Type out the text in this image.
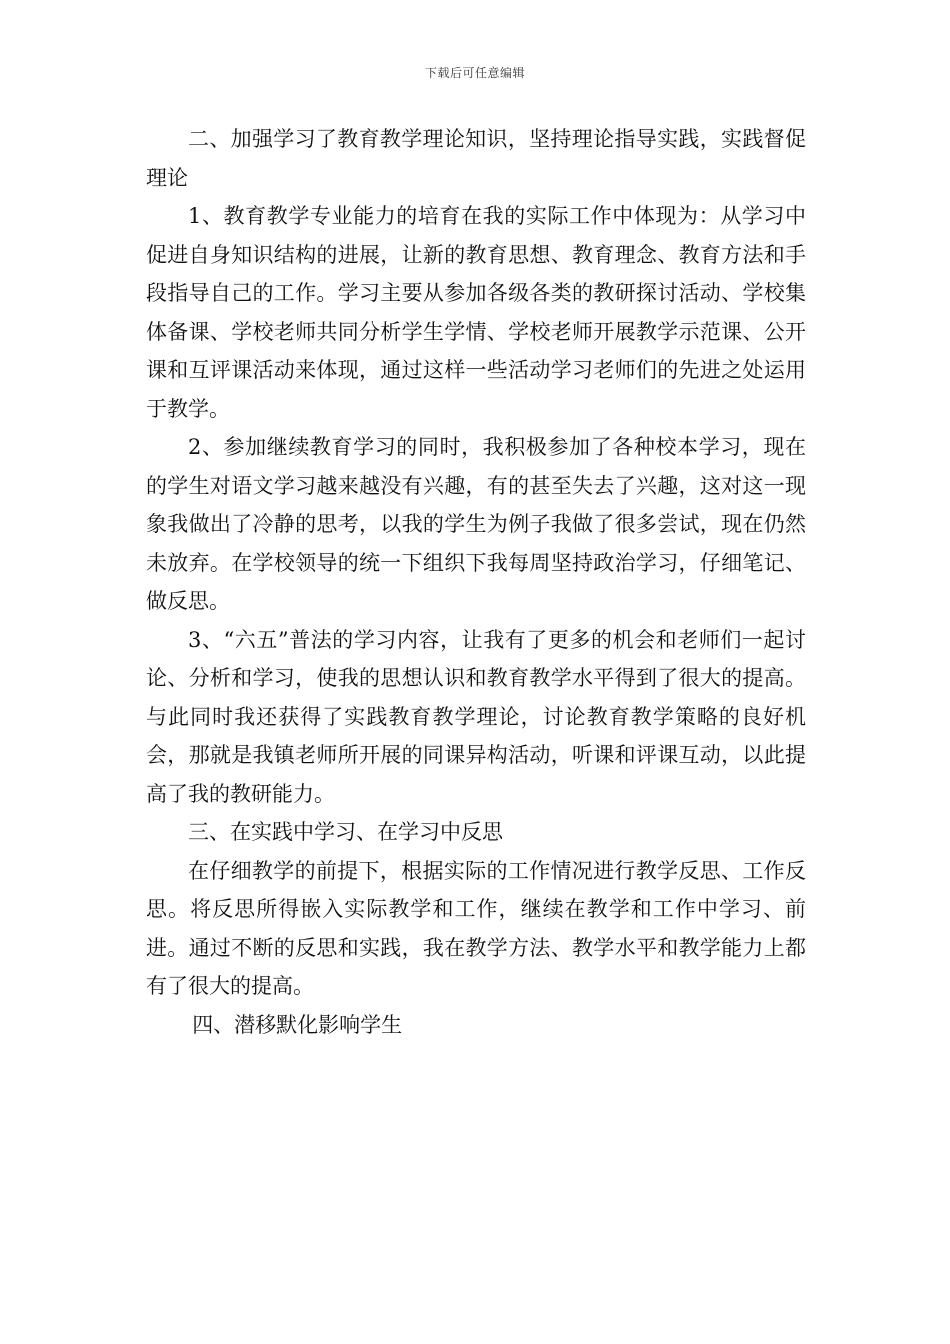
下载后可任意编辑

二、加强学习了教育教学理论知识，坚持理论指导实践，实践督促理论

1、教育教学专业能力的培育在我的实际工作中体现为：从学习中促进自身知识结构的进展，让新的教育思想、教育理念、教育方法和手段指导自己的工作。学习主要从参加各级各类的教研探讨活动、学校集体备课、学校老师共同分析学生学情、学校老师开展教学示范课、公开课和互评课活动来体现，通过这样一些活动学习老师们的先进之处运用于教学。

2、参加继续教育学习的同时，我积极参加了各种校本学习，现在的学生对语文学习越来越没有兴趣，有的甚至失去了兴趣，这对这一现象我做出了冷静的思考，以我的学生为例子我做了很多尝试，现在仍然未放弃。在学校领导的统一下组织下我每周坚持政治学习，仔细笔记、做反思。

3、“六五”普法的学习内容，让我有了更多的机会和老师们一起讨论、分析和学习，使我的思想认识和教育教学水平得到了很大的提高。与此同时我还获得了实践教育教学理论，讨论教育教学策略的良好机会，那就是我镇老师所开展的同课异构活动，听课和评课互动，以此提高了我的教研能力。

三、在实践中学习、在学习中反思

在仔细教学的前提下，根据实际的工作情况进行教学反思、工作反思。将反思所得嵌入实际教学和工作，继续在教学和工作中学习、前进。通过不断的反思和实践，我在教学方法、教学水平和教学能力上都有了很大的提高。

四、潜移默化影响学生
